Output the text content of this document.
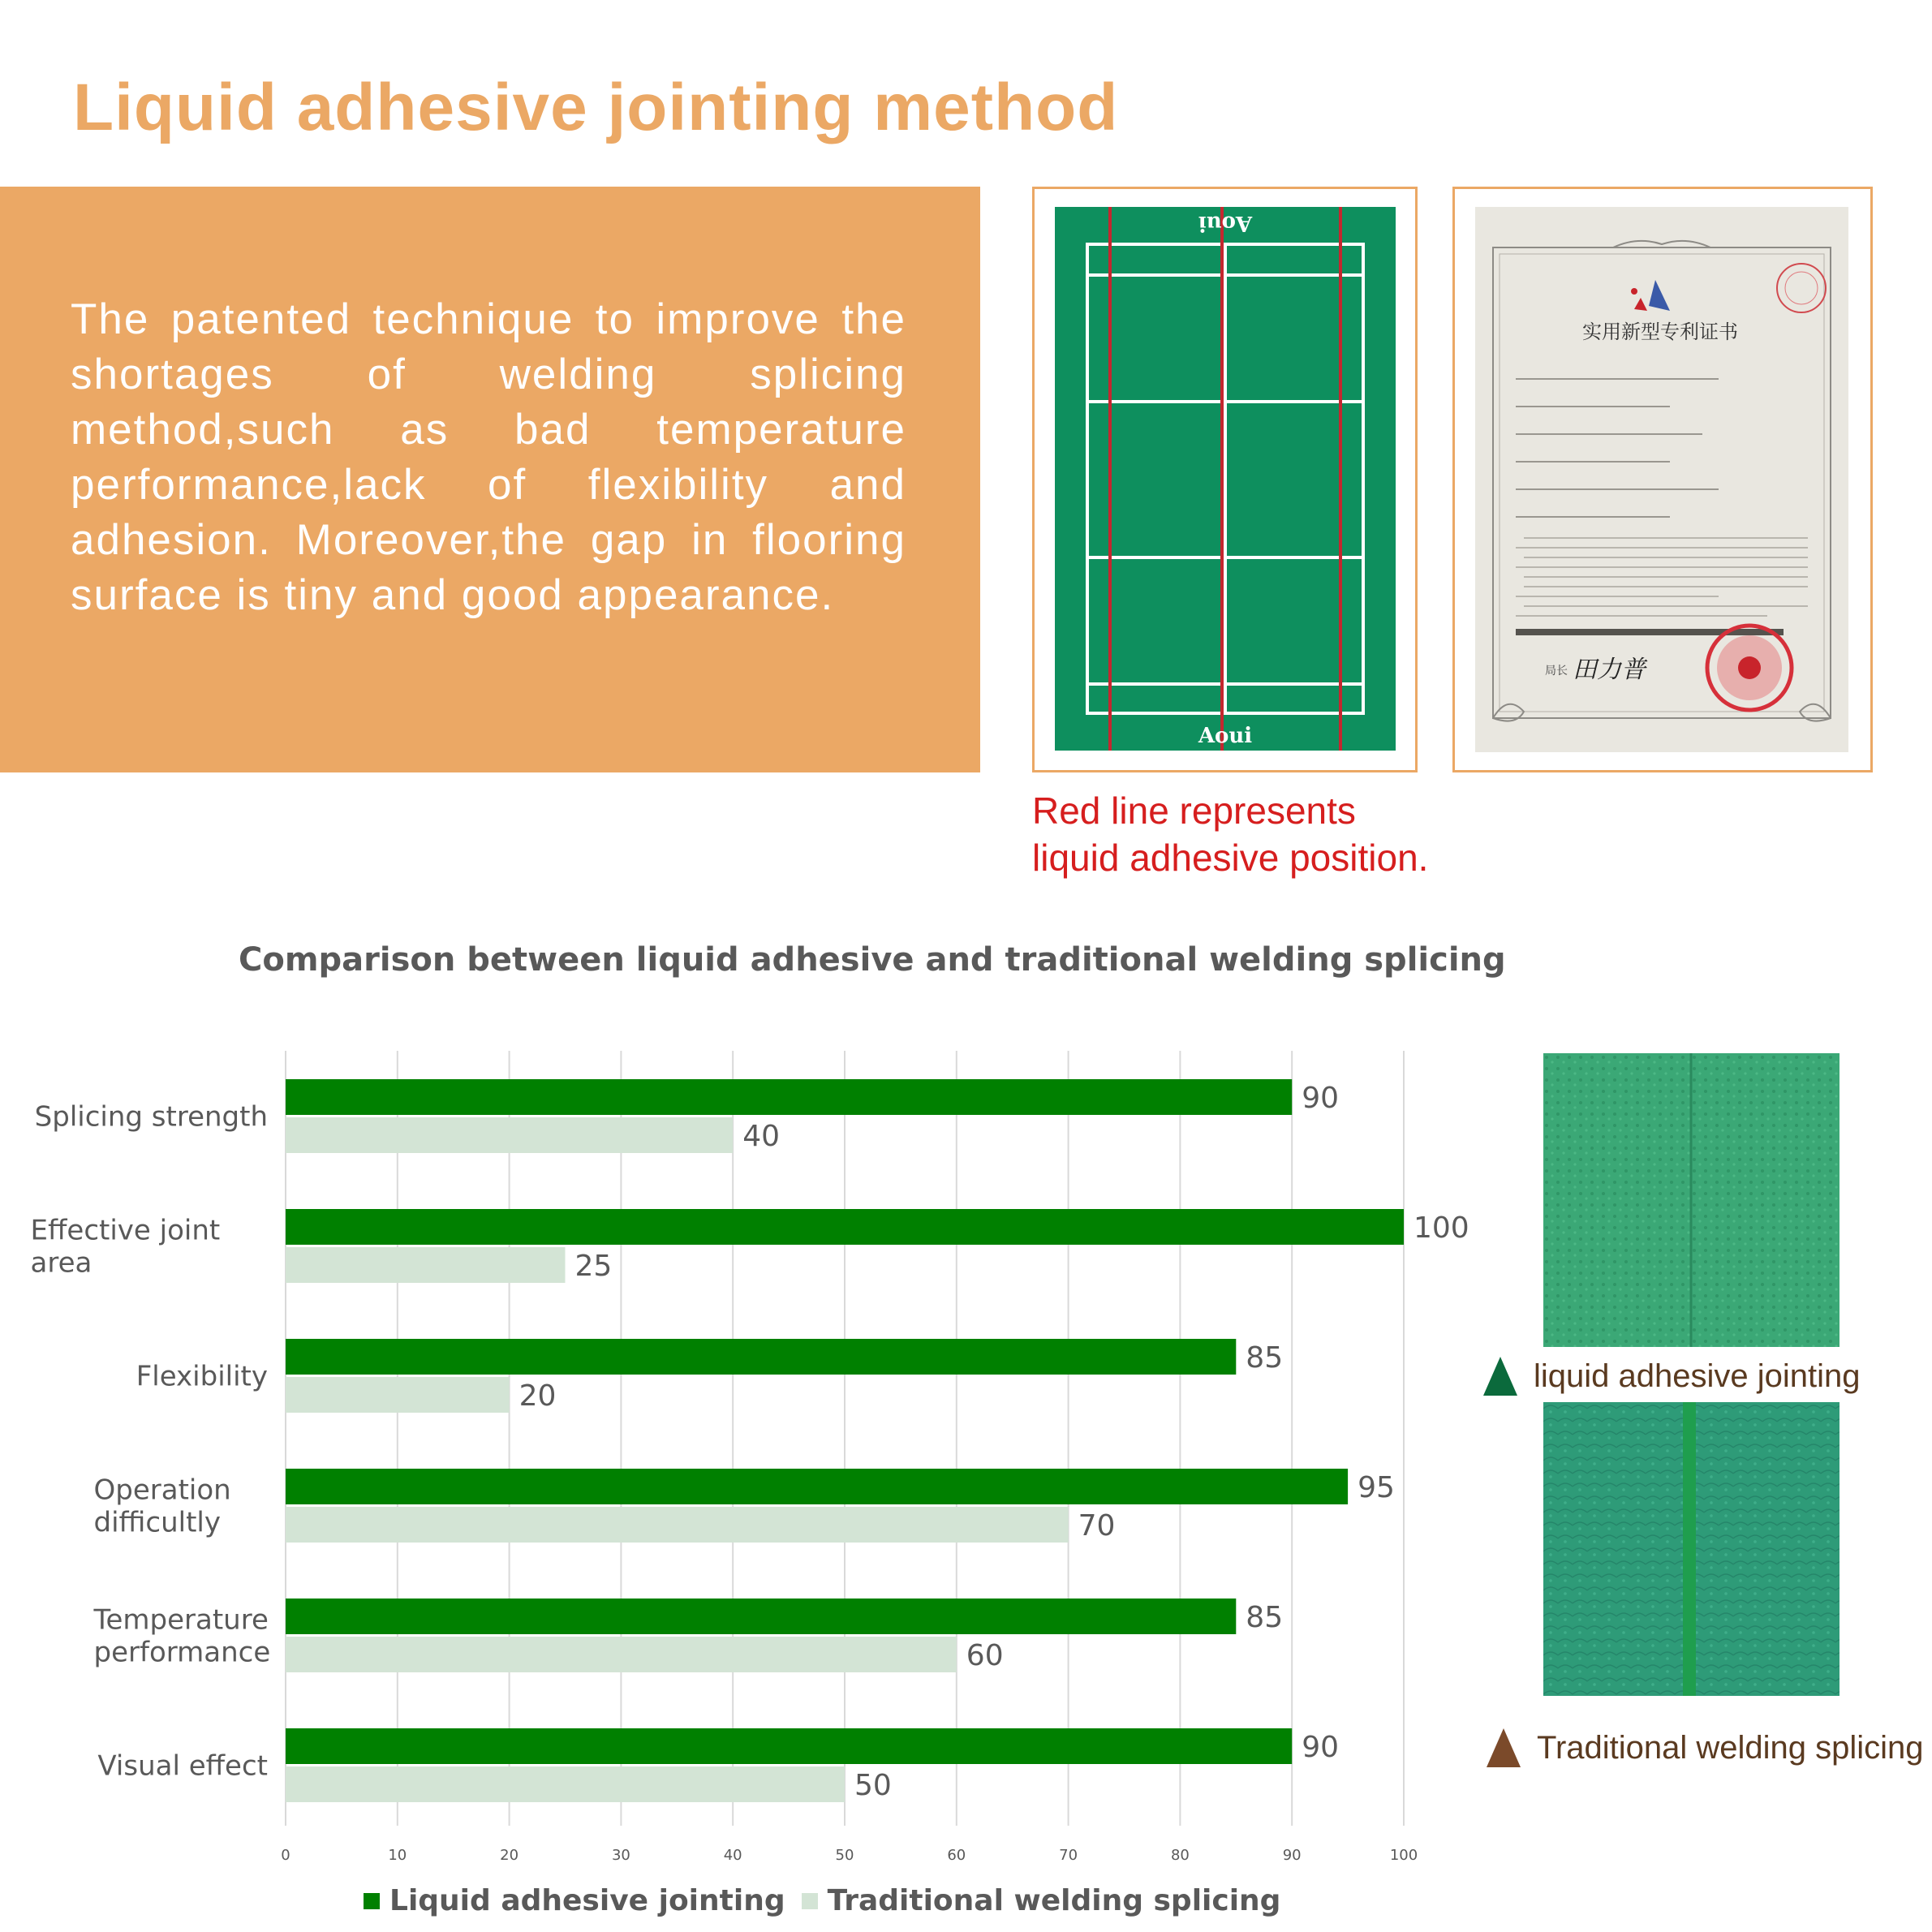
Liquid adhesive jointing method

The patented technique to improve the shortages of welding splicing method,such as bad temperature performance,lack of flexibility and adhesion. Moreover,the gap in flooring surface is tiny and good appearance.

Aoui
Aoui
实用新型专利证书
局长 田力普

Red line represents
liquid adhesive position.

Comparison between liquid adhesive and traditional welding splicing
0	10	20	30	40	50	60	70	80	90	100
90
40
Splicing strength
100
25
Effective joint area
85
20
Flexibility
95
70
Operation difficultly
85
60
Temperature performance
90
50
Visual effect
Liquid adhesive jointing Traditional welding splicing
liquid adhesive jointing
Traditional welding splicing
